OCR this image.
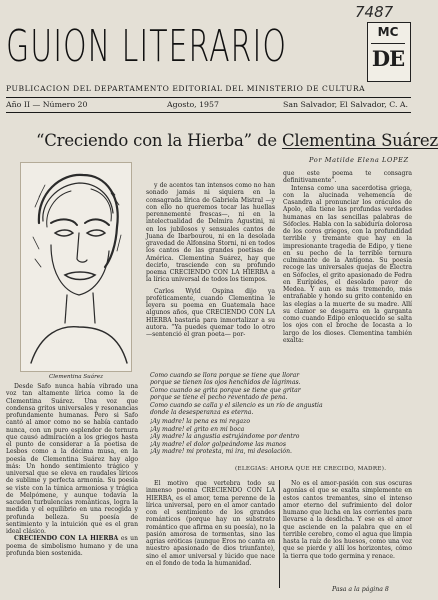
7487
GUION LITERARIO	MC
DE
PUBLICACION DEL DEPARTAMENTO EDITORIAL DEL MINISTERIO DE CULTURA
Año II — Número 20	Agosto, 1957	San Salvador, El Salvador, C. A.
“Creciendo con la Hierba” de Clementina Suárez
Por Matilde Elena LOPEZ
Clementina Suárez

Desde Safo nunca había vibrado una voz tan altamente lírica como la de Clementina Suárez. Una voz que condensa gritos universales y resonancias profundamente humanas. Pero si Safo cantó al amor como no se había cantado nunca, con un puro esplendor de ternura que causó admiración a los griegos hasta el punto de considerar a la poetisa de Lesbos como a la décima musa, en la poesía de Clementina Suárez hay algo más: Un hondo sentimiento trágico y universal que se eleva en raudales líricos de sublime y perfecta armonía. Su poesía se viste con la túnica armoniosa y trágica de Melpómene, y aunque todavía la sacuden turbulencias románticas, logra la medida y el equilibrio en una recogida y profunda belleza. Su poesía de sentimiento y la intuición que es el gran ideal clásico.

CRECIENDO CON LA HIERBA es un poema de simbolismo humano y de una profunda bien sostenida.

y de acentos tan intensos como no han sonado jamás ni siquiera en la consagrada lírica de Gabriela Mistral —y con ello no queremos tocar las huellas perennemente frescas—, ni en la intelectualidad de Delmira Agustini, ni en los jubilosos y sensuales cantos de Juana de Ibarbourou, ni en la desolada gravedad de Alfonsina Storni, ni en todos los cantos de las grandes poetisas de América. Clementina Suárez, hay que decirlo, trasciende con su profundo poema CRECIENDO CON LA HIERBA a la lírica universal de todos los tiempos.

Carlos Wyld Ospina dijo ya proféticamente, cuando Clementina le leyera su poema en Guatemala hace algunos años, que CRECIENDO CON LA HIERBA bastaría para inmortalizar a su autora. “Ya puedes quemar todo lo otro —sentenció el gran poeta— por-

que este poema te consagra definitivamente”.

Intensa como una sacerdotisa griega, con la alucinada vehemencia de Casandra al pronunciar los oráculos de Apolo, ella tiene las profundas verdades humanas en las sencillas palabras de Sófocles. Habla con la sabiduría dolorosa de los coros griegos, con la profundidad terrible y tremante que hay en la impresionante tragedia de Edipo, y tiene en su pecho de la terrible ternura culminante de la Antígona. Su poesía recoge las universales quejas de Electra en Sófocles, el grito apasionado de Fedra en Eurípides, el desolado pavor de Medea. Y aun es más tremendo, más entrañable y hondo su grito contenido en las elegías a la muerte de su madre. Allí su clamor se desgarra en la garganta como cuando Edipo enloquecido se salta los ojos con el broche de Iocasta a lo largo de los dioses. Clementina también exalta:

Como cuando se llora porque se tiene que llorar
porque se tienen los ojos henchidos de lágrimas.
Como cuando se grita porque se tiene que gritar
porque se tiene el pecho reventado de pena.
Como cuando se calla y el silencio es un río de angustia
donde la desesperanza es eterna.
¡Ay madre! la pena es mi regazo
¡Ay madre! el grito en mi boca
¡Ay madre! la angustia estrujándome por dentro
¡Ay madre! el dolor golpeándome las manos
¡Ay madre! mi protesta, mi ira, mi desolación.
(ELEGIAS: AHORA QUE HE CRECIDO, MADRE).

El motivo que vertebra todo su inmenso poema CRECIENDO CON LA HIERBA, es el amor, tema perenne de la lírica universal, pero en el amor cantado con el sentimiento de los grandes románticos (porque hay un substrato romántico que afirma en su poesía), no la pasión amorosa de tormentas, sino las agrias eróticas (aunque Eros no canta en nuestro apasionado de dios triunfante), sino el amor universal y lúcido que nace en el fondo de toda la humanidad.

No es el amor-pasión con sus oscuras agonías el que se exalta simplemente en estos cantos tremantes, sino el intenso amor eterno del sufrimiento del dolor humano que lucha en las corrientes para llevarse a la desdicha. Y ese es el amor que asciende en la palabra que en el terrible cerebro, como el agua que limpia hasta la raíz de los huesos, como una voz que se pierde y allí los horizontes, cómo la tierra que todo germina y renace.

Pasa a la página 8
